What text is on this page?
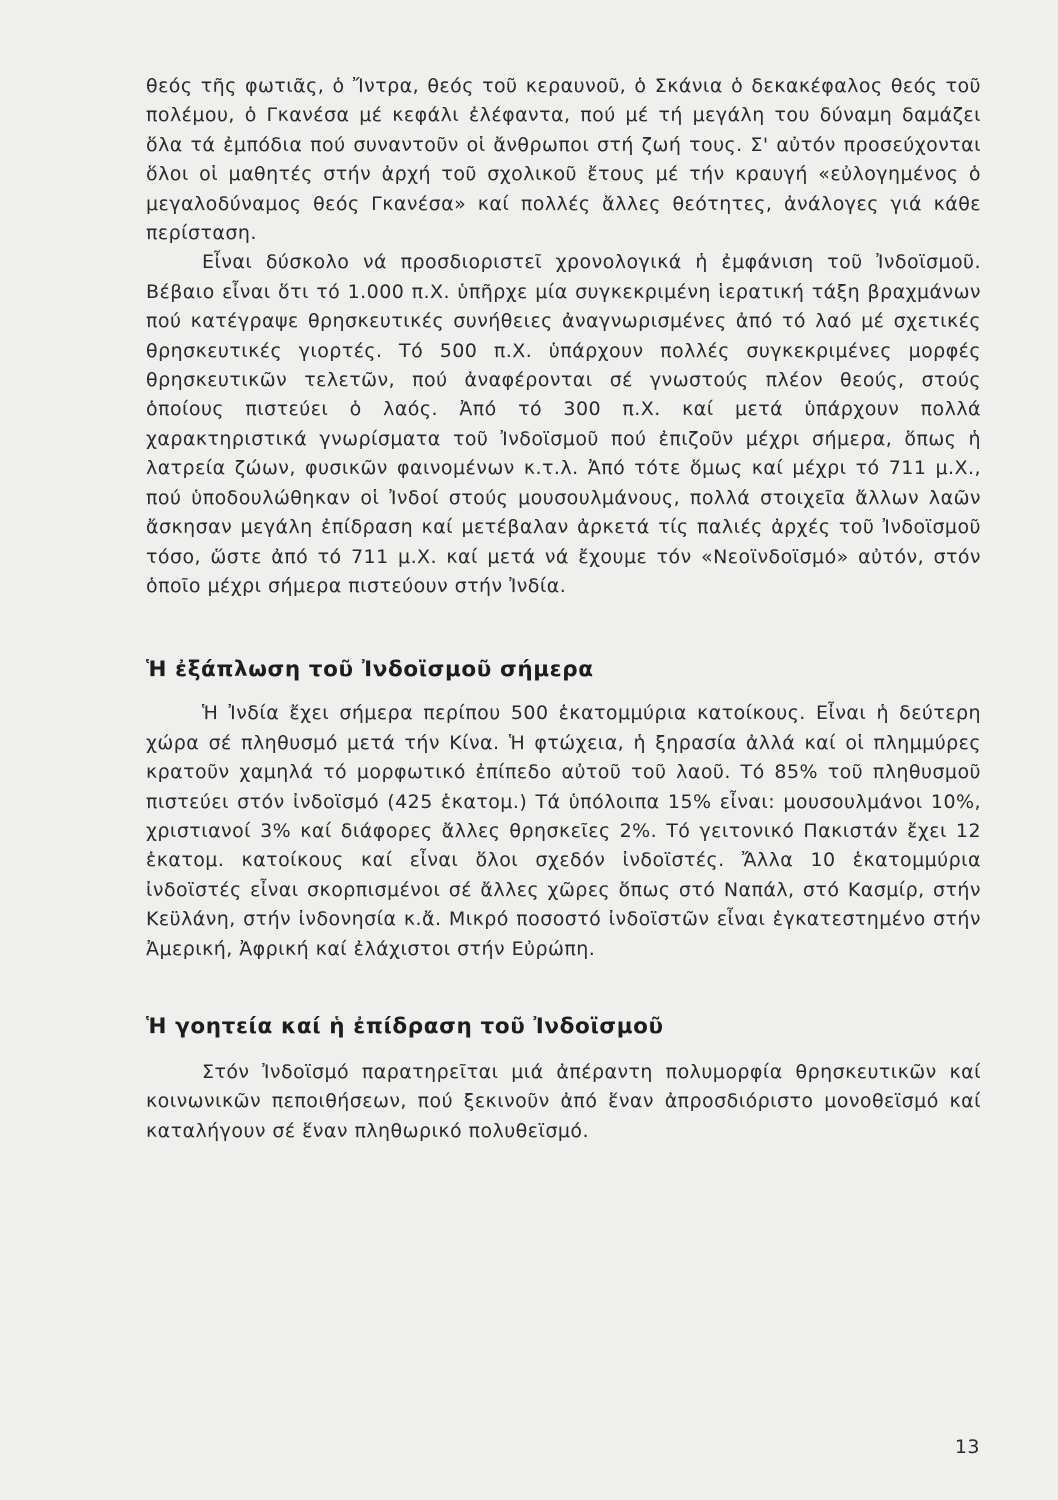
θεός τῆς φωτιᾶς, ὁ Ἴντρα, θεός τοῦ κεραυνοῦ, ὁ Σκάνια ὁ δεκακέφαλος θεός τοῦ πολέμου, ὁ Γκανέσα μέ κεφάλι ἐλέφαντα, πού μέ τή μεγάλη του δύναμη δαμάζει ὅλα τά ἐμπόδια πού συναντοῦν οἱ ἄνθρωποι στή ζωή τους. Σ' αὐτόν προσεύχονται ὅλοι οἱ μαθητές στήν ἀρχή τοῦ σχολικοῦ ἔτους μέ τήν κραυγή «εὐλογημένος ὁ μεγαλοδύναμος θεός Γκανέσα» καί πολλές ἄλλες θεότητες, ἀνάλογες γιά κάθε περίσταση.

Εἶναι δύσκολο νά προσδιοριστεῖ χρονολογικά ἡ ἐμφάνιση τοῦ Ἰνδοϊσμοῦ. Βέβαιο εἶναι ὅτι τό 1.000 π.Χ. ὑπῆρχε μία συγκεκριμένη ἱερατική τάξη βραχμάνων πού κατέγραψε θρησκευτικές συνήθειες ἀναγνωρισμένες ἀπό τό λαό μέ σχετικές θρησκευτικές γιορτές. Τό 500 π.Χ. ὑπάρχουν πολλές συγκεκριμένες μορφές θρησκευτικῶν τελετῶν, πού ἀναφέρονται σέ γνωστούς πλέον θεούς, στούς ὁποίους πιστεύει ὁ λαός. Ἀπό τό 300 π.Χ. καί μετά ὑπάρχουν πολλά χαρακτηριστικά γνωρίσματα τοῦ Ἰνδοϊσμοῦ πού ἐπιζοῦν μέχρι σήμερα, ὅπως ἡ λατρεία ζώων, φυσικῶν φαινομένων κ.τ.λ. Ἀπό τότε ὅμως καί μέχρι τό 711 μ.Χ., πού ὑποδουλώθηκαν οἱ Ἰνδοί στούς μουσουλμάνους, πολλά στοιχεῖα ἄλλων λαῶν ἄσκησαν μεγάλη ἐπίδραση καί μετέβαλαν ἀρκετά τίς παλιές ἀρχές τοῦ Ἰνδοϊσμοῦ τόσο, ὥστε ἀπό τό 711 μ.Χ. καί μετά νά ἔχουμε τόν «Νεοϊνδοϊσμό» αὐτόν, στόν ὁποῖο μέχρι σήμερα πιστεύουν στήν Ἰνδία.

Ἡ ἐξάπλωση τοῦ Ἰνδοϊσμοῦ σήμερα

Ἡ Ἰνδία ἔχει σήμερα περίπου 500 ἑκατομμύρια κατοίκους. Εἶναι ἡ δεύτερη χώρα σέ πληθυσμό μετά τήν Κίνα. Ἡ φτώχεια, ἡ ξηρασία ἀλλά καί οἱ πλημμύρες κρατοῦν χαμηλά τό μορφωτικό ἐπίπεδο αὐτοῦ τοῦ λαοῦ. Τό 85% τοῦ πληθυσμοῦ πιστεύει στόν ἰνδοϊσμό (425 ἑκατομ.) Τά ὑπόλοιπα 15% εἶναι: μουσουλμάνοι 10%, χριστιανοί 3% καί διάφορες ἄλλες θρησκεῖες 2%. Τό γειτονικό Πακιστάν ἔχει 12 ἑκατομ. κατοίκους καί εἶναι ὅλοι σχεδόν ἰνδοϊστές. Ἄλλα 10 ἑκατομμύρια ἰνδοϊστές εἶναι σκορπισμένοι σέ ἄλλες χῶρες ὅπως στό Ναπάλ, στό Κασμίρ, στήν Κεϋλάνη, στήν ἰνδονησία κ.ἄ. Μικρό ποσοστό ἰνδοϊστῶν εἶναι ἐγκατεστημένο στήν Ἀμερική, Ἀφρική καί ἐλάχιστοι στήν Εὐρώπη.

Ἡ γοητεία καί ἡ ἐπίδραση τοῦ Ἰνδοϊσμοῦ

Στόν Ἰνδοϊσμό παρατηρεῖται μιά ἀπέραντη πολυμορφία θρησκευτικῶν καί κοινωνικῶν πεποιθήσεων, πού ξεκινοῦν ἀπό ἕναν ἀπροσδιόριστο μονοθεϊσμό καί καταλήγουν σέ ἕναν πληθωρικό πολυθεϊσμό.

13
